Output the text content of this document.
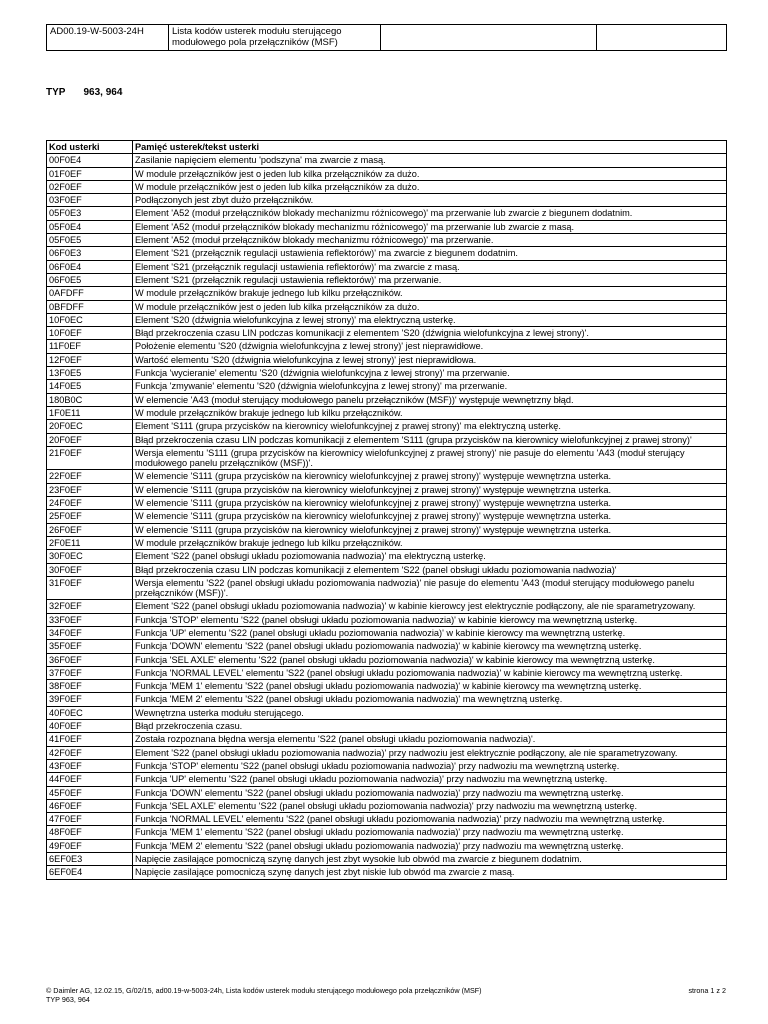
AD00.19-W-5003-24H	Lista kodów usterek modułu sterującego modułowego pola przełączników (MSF)		
TYP 963, 964
Kod usterki	Pamięć usterek/tekst usterki
00F0E4	Zasilanie napięciem elementu 'podszyna' ma zwarcie z masą.
01F0EF	W module przełączników jest o jeden lub kilka przełączników za dużo.
02F0EF	W module przełączników jest o jeden lub kilka przełączników za dużo.
03F0EF	Podłączonych jest zbyt dużo przełączników.
05F0E3	Element 'A52 (moduł przełączników blokady mechanizmu różnicowego)' ma przerwanie lub zwarcie z biegunem dodatnim.
05F0E4	Element 'A52 (moduł przełączników blokady mechanizmu różnicowego)' ma przerwanie lub zwarcie z masą.
05F0E5	Element 'A52 (moduł przełączników blokady mechanizmu różnicowego)' ma przerwanie.
06F0E3	Element 'S21 (przełącznik regulacji ustawienia reflektorów)' ma zwarcie z biegunem dodatnim.
06F0E4	Element 'S21 (przełącznik regulacji ustawienia reflektorów)' ma zwarcie z masą.
06F0E5	Element 'S21 (przełącznik regulacji ustawienia reflektorów)' ma przerwanie.
0AFDFF	W module przełączników brakuje jednego lub kilku przełączników.
0BFDFF	W module przełączników jest o jeden lub kilka przełączników za dużo.
10F0EC	Element 'S20 (dźwignia wielofunkcyjna z lewej strony)' ma elektryczną usterkę.
10F0EF	Błąd przekroczenia czasu LIN podczas komunikacji z elementem 'S20 (dźwignia wielofunkcyjna z lewej strony)'.
11F0EF	Położenie elementu 'S20 (dźwignia wielofunkcyjna z lewej strony)' jest nieprawidłowe.
12F0EF	Wartość elementu 'S20 (dźwignia wielofunkcyjna z lewej strony)' jest nieprawidłowa.
13F0E5	Funkcja 'wycieranie' elementu 'S20 (dźwignia wielofunkcyjna z lewej strony)' ma przerwanie.
14F0E5	Funkcja 'zmywanie' elementu 'S20 (dźwignia wielofunkcyjna z lewej strony)' ma przerwanie.
180B0C	W elemencie 'A43 (moduł sterujący modułowego panelu przełączników (MSF))' występuje wewnętrzny błąd.
1F0E11	W module przełączników brakuje jednego lub kilku przełączników.
20F0EC	Element 'S111 (grupa przycisków na kierownicy wielofunkcyjnej z prawej strony)' ma elektryczną usterkę.
20F0EF	Błąd przekroczenia czasu LIN podczas komunikacji z elementem 'S111 (grupa przycisków na kierownicy wielofunkcyjnej z prawej strony)'
21F0EF	Wersja elementu 'S111 (grupa przycisków na kierownicy wielofunkcyjnej z prawej strony)' nie pasuje do elementu 'A43 (moduł sterujący modułowego panelu przełączników (MSF))'.
22F0EF	W elemencie 'S111 (grupa przycisków na kierownicy wielofunkcyjnej z prawej strony)' występuje wewnętrzna usterka.
23F0EF	W elemencie 'S111 (grupa przycisków na kierownicy wielofunkcyjnej z prawej strony)' występuje wewnętrzna usterka.
24F0EF	W elemencie 'S111 (grupa przycisków na kierownicy wielofunkcyjnej z prawej strony)' występuje wewnętrzna usterka.
25F0EF	W elemencie 'S111 (grupa przycisków na kierownicy wielofunkcyjnej z prawej strony)' występuje wewnętrzna usterka.
26F0EF	W elemencie 'S111 (grupa przycisków na kierownicy wielofunkcyjnej z prawej strony)' występuje wewnętrzna usterka.
2F0E11	W module przełączników brakuje jednego lub kilku przełączników.
30F0EC	Element 'S22 (panel obsługi układu poziomowania nadwozia)' ma elektryczną usterkę.
30F0EF	Błąd przekroczenia czasu LIN podczas komunikacji z elementem 'S22 (panel obsługi układu poziomowania nadwozia)'
31F0EF	Wersja elementu 'S22 (panel obsługi układu poziomowania nadwozia)' nie pasuje do elementu 'A43 (moduł sterujący modułowego panelu przełączników (MSF))'.
32F0EF	Element 'S22 (panel obsługi układu poziomowania nadwozia)' w kabinie kierowcy jest elektrycznie podłączony, ale nie sparametryzowany.
33F0EF	Funkcja 'STOP' elementu 'S22 (panel obsługi układu poziomowania nadwozia)' w kabinie kierowcy ma wewnętrzną usterkę.
34F0EF	Funkcja 'UP' elementu 'S22 (panel obsługi układu poziomowania nadwozia)' w kabinie kierowcy ma wewnętrzną usterkę.
35F0EF	Funkcja 'DOWN' elementu 'S22 (panel obsługi układu poziomowania nadwozia)' w kabinie kierowcy ma wewnętrzną usterkę.
36F0EF	Funkcja 'SEL AXLE' elementu 'S22 (panel obsługi układu poziomowania nadwozia)' w kabinie kierowcy ma wewnętrzną usterkę.
37F0EF	Funkcja 'NORMAL LEVEL' elementu 'S22 (panel obsługi układu poziomowania nadwozia)' w kabinie kierowcy ma wewnętrzną usterkę.
38F0EF	Funkcja 'MEM 1' elementu 'S22 (panel obsługi układu poziomowania nadwozia)' w kabinie kierowcy ma wewnętrzną usterkę.
39F0EF	Funkcja 'MEM 2' elementu 'S22 (panel obsługi układu poziomowania nadwozia)' ma wewnętrzną usterkę.
40F0EC	Wewnętrzna usterka modułu sterującego.
40F0EF	Błąd przekroczenia czasu.
41F0EF	Została rozpoznana błędna wersja elementu 'S22 (panel obsługi układu poziomowania nadwozia)'.
42F0EF	Element 'S22 (panel obsługi układu poziomowania nadwozia)' przy nadwoziu jest elektrycznie podłączony, ale nie sparametryzowany.
43F0EF	Funkcja 'STOP' elementu 'S22 (panel obsługi układu poziomowania nadwozia)' przy nadwoziu ma wewnętrzną usterkę.
44F0EF	Funkcja 'UP' elementu 'S22 (panel obsługi układu poziomowania nadwozia)' przy nadwoziu ma wewnętrzną usterkę.
45F0EF	Funkcja 'DOWN' elementu 'S22 (panel obsługi układu poziomowania nadwozia)' przy nadwoziu ma wewnętrzną usterkę.
46F0EF	Funkcja 'SEL AXLE' elementu 'S22 (panel obsługi układu poziomowania nadwozia)' przy nadwoziu ma wewnętrzną usterkę.
47F0EF	Funkcja 'NORMAL LEVEL' elementu 'S22 (panel obsługi układu poziomowania nadwozia)' przy nadwoziu ma wewnętrzną usterkę.
48F0EF	Funkcja 'MEM 1' elementu 'S22 (panel obsługi układu poziomowania nadwozia)' przy nadwoziu ma wewnętrzną usterkę.
49F0EF	Funkcja 'MEM 2' elementu 'S22 (panel obsługi układu poziomowania nadwozia)' przy nadwoziu ma wewnętrzną usterkę.
6EF0E3	Napięcie zasilające pomocniczą szynę danych jest zbyt wysokie lub obwód ma zwarcie z biegunem dodatnim.
6EF0E4	Napięcie zasilające pomocniczą szynę danych jest zbyt niskie lub obwód ma zwarcie z masą.
© Daimler AG, 12.02.15, G/02/15, ad00.19-w-5003-24h, Lista kodów usterek modułu sterującego modułowego pola przełączników (MSF)
TYP 963, 964
strona 1 z 2
